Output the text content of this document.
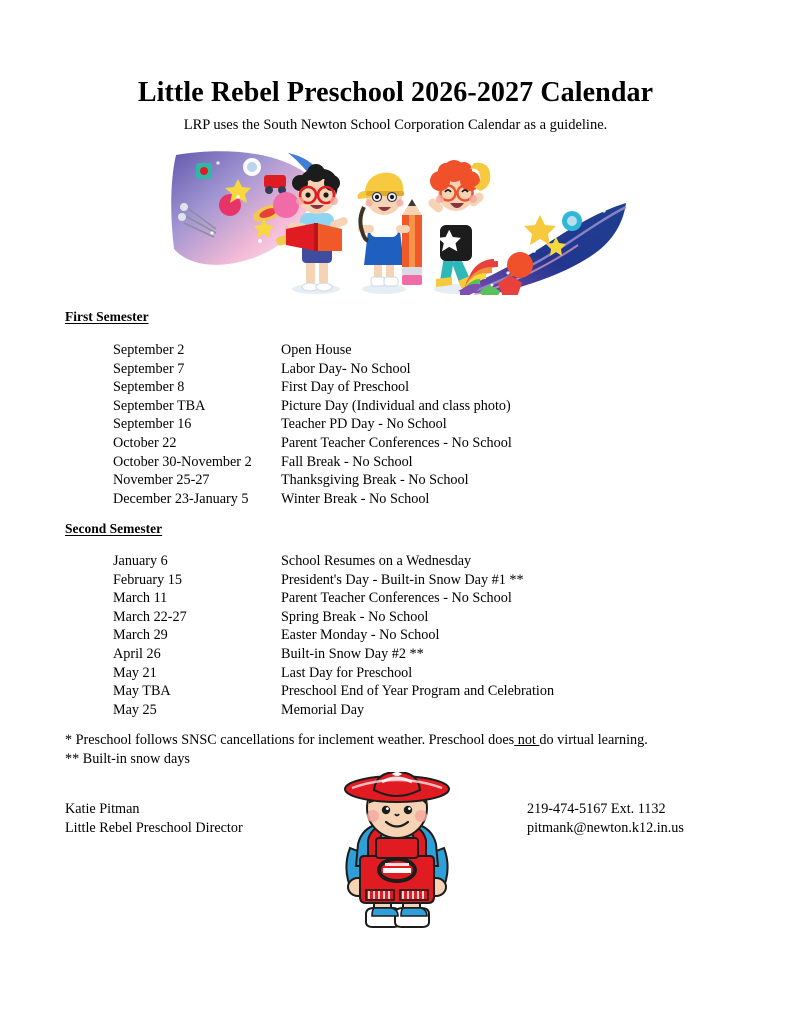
Little Rebel Preschool 2026-2027 Calendar
LRP uses the South Newton School Corporation Calendar as a guideline.
First Semester
September 2	Open House
September 7	Labor Day- No School
September 8	First Day of Preschool
September TBA	Picture Day (Individual and class photo)
September 16	Teacher PD Day - No School
October 22	Parent Teacher Conferences - No School
October 30-November 2	Fall Break - No School
November 25-27	Thanksgiving Break - No School
December 23-January 5	Winter Break - No School
Second Semester
January 6	School Resumes on a Wednesday
February 15	President's Day - Built-in Snow Day #1 **
March 11	Parent Teacher Conferences - No School
March 22-27	Spring Break - No School
March 29	Easter Monday - No School
April 26	Built-in Snow Day #2 **
May 21	Last Day for Preschool
May TBA	Preschool End of Year Program and Celebration
May 25	Memorial Day
* Preschool follows SNSC cancellations for inclement weather. Preschool does not do virtual learning.
** Built-in snow days
Katie Pitman
Little Rebel Preschool Director
219-474-5167 Ext. 1132
pitmank@newton.k12.in.us
